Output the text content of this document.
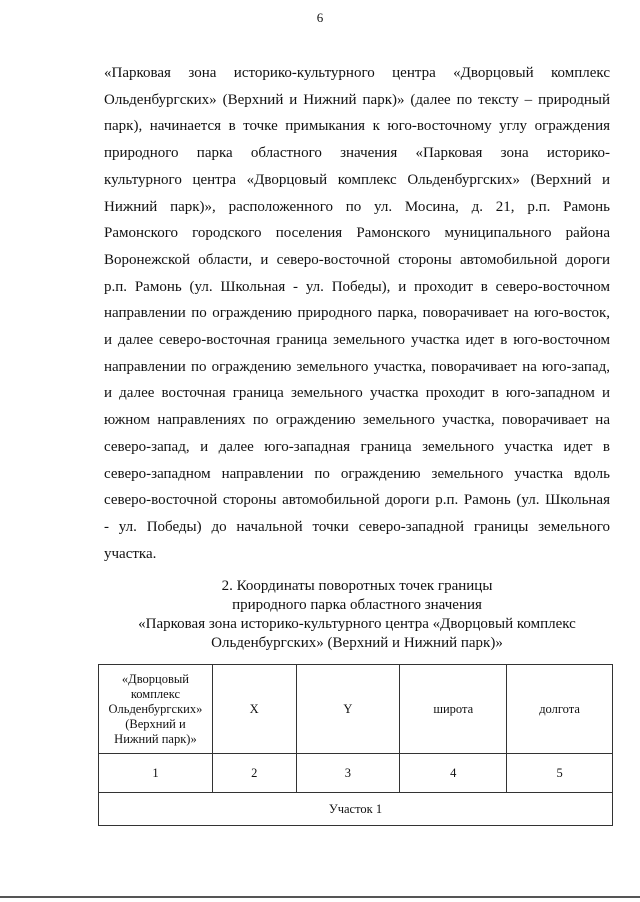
6
«Парковая зона историко-культурного центра «Дворцовый комплекс
Ольденбургских» (Верхний и Нижний парк)» (далее по тексту – природный
парк), начинается в точке примыкания к юго-восточному углу ограждения
природного парка областного значения «Парковая зона историко-
культурного центра «Дворцовый комплекс Ольденбургских» (Верхний и
Нижний парк)», расположенного по ул. Мосина, д. 21, р.п. Рамонь
Рамонского городского поселения Рамонского муниципального района
Воронежской области, и северо-восточной стороны автомобильной дороги
р.п. Рамонь (ул. Школьная - ул. Победы), и проходит в северо-восточном
направлении по ограждению природного парка, поворачивает на юго-восток,
и далее северо-восточная граница земельного участка идет в юго-восточном
направлении по ограждению земельного участка, поворачивает на юго-запад,
и далее восточная граница земельного участка проходит в юго-западном и
южном направлениях по ограждению земельного участка, поворачивает на
северо-запад, и далее юго-западная граница земельного участка идет в
северо-западном направлении по ограждению земельного участка вдоль
северо-восточной стороны автомобильной дороги р.п. Рамонь (ул. Школьная
- ул. Победы) до начальной точки северо-западной границы земельного
участка.
2. Координаты поворотных точек границы
природного парка областного значения
«Парковая зона историко-культурного центра «Дворцовый комплекс
Ольденбургских» (Верхний и Нижний парк)»
«Дворцовый
комплекс
Ольденбургских»
(Верхний и
Нижний парк)»	X	Y	широта	долгота
1	2	3	4	5
Участок 1				
